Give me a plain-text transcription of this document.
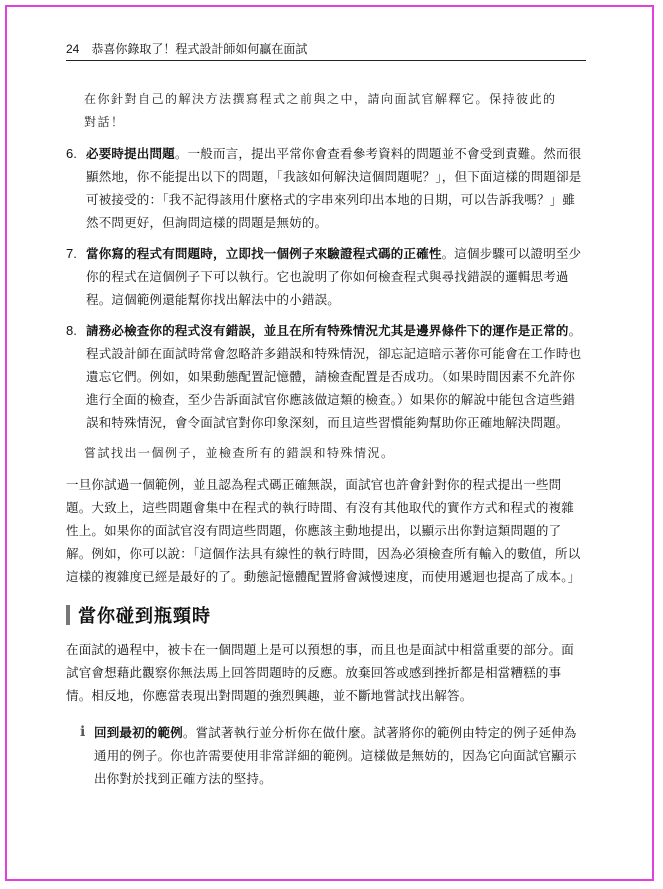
24 恭喜你錄取了！程式設計師如何贏在面試
在你針對自己的解決方法撰寫程式之前與之中，請向面試官解釋它。保持彼此的對話！
6. 必要時提出問題。一般而言，提出平常你會查看參考資料的問題並不會受到責難。然而很顯然地，你不能提出以下的問題，「我該如何解決這個問題呢？」，但下面這樣的問題卻是可被接受的：「我不記得該用什麼格式的字串來列印出本地的日期，可以告訴我嗎？」雖然不問更好，但詢問這樣的問題是無妨的。
7. 當你寫的程式有問題時，立即找一個例子來驗證程式碼的正確性。這個步驟可以證明至少你的程式在這個例子下可以執行。它也說明了你如何檢查程式與尋找錯誤的邏輯思考過程。這個範例還能幫你找出解法中的小錯誤。
8. 請務必檢查你的程式沒有錯誤，並且在所有特殊情況尤其是邊界條件下的運作是正常的。程式設計師在面試時常會忽略許多錯誤和特殊情況，卻忘記這暗示著你可能會在工作時也遺忘它們。例如，如果動態配置記憶體，請檢查配置是否成功。（如果時間因素不允許你進行全面的檢查，至少告訴面試官你應該做這類的檢查。）如果你的解說中能包含這些錯誤和特殊情況，會令面試官對你印象深刻，而且這些習慣能夠幫助你正確地解決問題。
嘗試找出一個例子，並檢查所有的錯誤和特殊情況。
一旦你試過一個範例，並且認為程式碼正確無誤，面試官也許會針對你的程式提出一些問題。大致上，這些問題會集中在程式的執行時間、有沒有其他取代的實作方式和程式的複雜性上。如果你的面試官沒有問這些問題，你應該主動地提出，以顯示出你對這類問題的了解。例如，你可以說：「這個作法具有線性的執行時間，因為必須檢查所有輸入的數值，所以這樣的複雜度已經是最好的了。動態記憶體配置將會減慢速度，而使用遞迴也提高了成本。」
當你碰到瓶頸時
在面試的過程中，被卡在一個問題上是可以預想的事，而且也是面試中相當重要的部分。面試官會想藉此觀察你無法馬上回答問題時的反應。放棄回答或感到挫折都是相當糟糕的事情。相反地，你應當表現出對問題的強烈興趣，並不斷地嘗試找出解答。
ℹ 回到最初的範例。嘗試著執行並分析你在做什麼。試著將你的範例由特定的例子延伸為通用的例子。你也許需要使用非常詳細的範例。這樣做是無妨的，因為它向面試官顯示出你對於找到正確方法的堅持。
